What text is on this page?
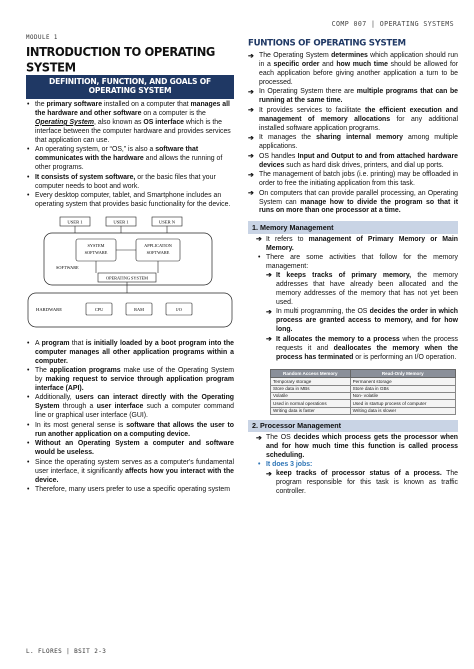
COMP 007 | OPERATING SYSTEMS
MODULE 1
INTRODUCTION TO OPERATING SYSTEM
DEFINITION, FUNCTION, AND GOALS OF OPERATING SYSTEM
• the primary software installed on a computer that manages all the hardware and other software on a computer is the Operating System, also known as OS interface which is the interface between the computer hardware and provides services that application can use.
• An operating system, or “OS,” is also a software that communicates with the hardware and allows the running of other programs.
• It consists of system software, or the basic files that your computer needs to boot and work.
• Every desktop computer, tablet, and Smartphone includes an operating system that provides basic functionality for the device.
USER 1	USER 1	USER N
SYSTEM
SOFTWARE
APPLICATION
SOFTWARE
SOFTWARE
OPERATING SYSTEM
HARDWARE	CPU	RAM	I/O
• A program that is initially loaded by a boot program into the computer manages all other application programs within a computer.
• The application programs make use of the Operating System by making request to service through application program interface (API).
• Additionally, users can interact directly with the Operating System through a user interface such a computer command line or graphical user interface (GUI).
• In its most general sense is software that allows the user to run another application on a computing device.
• Without an Operating System a computer and software would be useless.
• Since the operating system serves as a computer's fundamental user interface, it significantly affects how you interact with the device.
• Therefore, many users prefer to use a specific operating system
FUNTIONS OF OPERATING SYSTEM
➔ The Operating System determines which application should run in a specific order and how much time should be allowed for each application before giving another application a turn to be processed.
➔ In Operating System there are multiple programs that can be running at the same time.
➔ It provides services to facilitate the efficient execution and management of memory allocations for any additional installed software application programs.
➔ It manages the sharing internal memory among multiple applications.
➔ OS handles Input and Output to and from attached hardware devices such as hard disk drives, printers, and dial up ports.
➔ The management of batch jobs (i.e. printing) may be offloaded in order to free the initiating application from this task.
➔ On computers that can provide parallel processing, an Operating System can manage how to divide the program so that it runs on more than one processor at a time.
1. Memory Management
➔ It refers to management of Primary Memory or Main Memory.
• There are some activities that follow for the memory management:
➔ It keeps tracks of primary memory, the memory addresses that have already been allocated and the memory addresses of the memory that has not yet been used.
➔ In multi programming, the OS decides the order in which process are granted access to memory, and for how long.
➔ It allocates the memory to a process when the process requests it and deallocates the memory when the process has terminated or is performing an I/O operation.
Random Access Memory	Read-Only Memory
Temporary storage	Permanent storage
Store data in MBs	Store data in GBs
Volatile	Non- volatile
Used in normal operations	Used in startup process of computer
Writing data is faster	Writing data is slower
2. Processor Management
➔ The OS decides which process gets the processor when and for how much time this function is called process scheduling.
• It does 3 jobs:
➔ keep tracks of processor status of a process. The program responsible for this task is known as traffic controller.
L. FLORES | BSIT 2-3
